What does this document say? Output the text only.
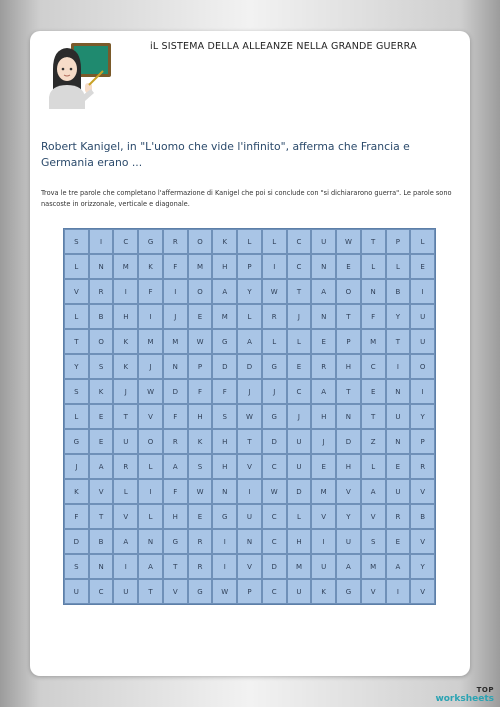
iL SISTEMA DELLA ALLEANZE NELLA GRANDE GUERRA
Robert Kanigel, in "L'uomo che vide l'infinito", afferma che Francia e Germania erano ...
Trova le tre parole che completano l'affermazione di Kanigel che poi si conclude con "si dichiararono guerra". Le parole sono nascoste in orizzonale, verticale e diagonale.
S	I	C	G	R	O	K	L	L	C	U	W	T	P	L
L	N	M	K	F	M	H	P	I	C	N	E	L	L	E
V	R	I	F	I	O	A	Y	W	T	A	O	N	B	I
L	B	H	I	J	E	M	L	R	J	N	T	F	Y	U
T	O	K	M	M	W	G	A	L	L	E	P	M	T	U
Y	S	K	J	N	P	D	D	G	E	R	H	C	I	O
S	K	J	W	D	F	F	J	J	C	A	T	E	N	I
L	E	T	V	F	H	S	W	G	J	H	N	T	U	Y
G	E	U	O	R	K	H	T	D	U	J	D	Z	N	P
J	A	R	L	A	S	H	V	C	U	E	H	L	E	R
K	V	L	I	F	W	N	I	W	D	M	V	A	U	V
F	T	V	L	H	E	G	U	C	L	V	Y	V	R	B
D	B	A	N	G	R	I	N	C	H	I	U	S	E	V
S	N	I	A	T	R	I	V	D	M	U	A	M	A	Y
U	C	U	T	V	G	W	P	C	U	K	G	V	I	V
TOP
worksheets
